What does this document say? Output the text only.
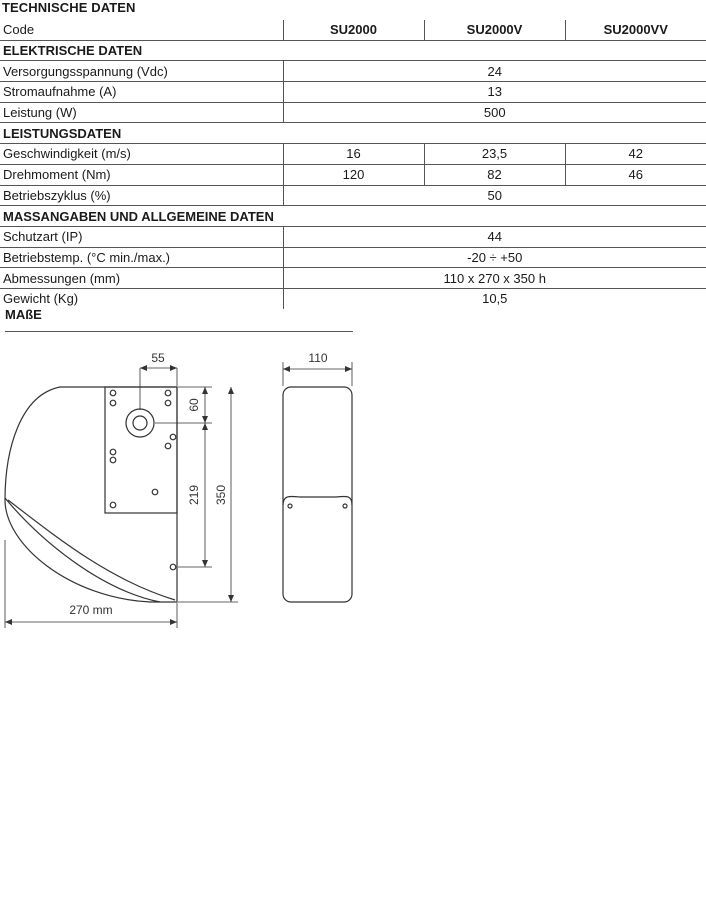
TECHNISCHE DATEN
Code	SU2000	SU2000V	SU2000VV
ELEKTRISCHE DATEN			
Versorgungsspannung (Vdc)	24		
Stromaufnahme (A)	13		
Leistung (W)	500		
LEISTUNGSDATEN			
Geschwindigkeit (m/s)	16	23,5	42
Drehmoment (Nm)	120	82	46
Betriebszyklus (%)	50		
MASSANGABEN UND ALLGEMEINE DATEN			
Schutzart (IP)	44		
Betriebstemp. (°C min./max.)	-20 ÷ +50		
Abmessungen (mm)	110 x 270 x 350 h		
Gewicht (Kg)	10,5		
MAßE
55
60
219 350
270 mm
110
